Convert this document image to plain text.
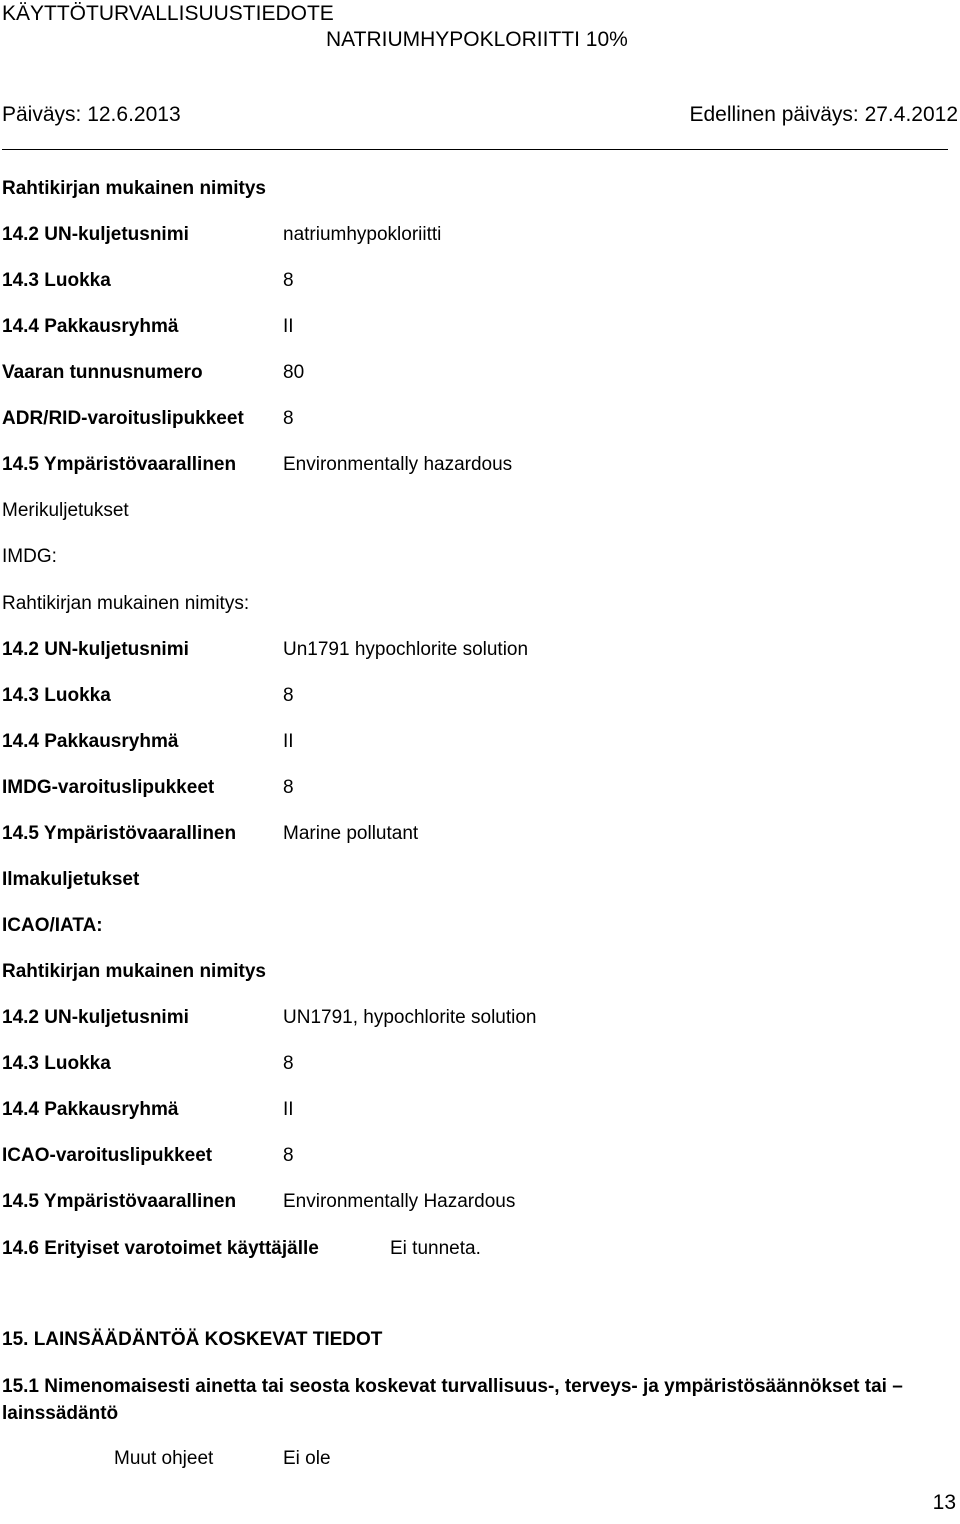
KÄYTTÖTURVALLISUUSTIEDOTE
NATRIUMHYPOKLORIITTI 10%
Päiväys: 12.6.2013	Edellinen päiväys: 27.4.2012
Rahtikirjan mukainen nimitys
14.2 UN-kuljetusnimi	natriumhypokloriitti
14.3 Luokka	8
14.4 Pakkausryhmä	II
Vaaran tunnusnumero	80
ADR/RID-varoituslipukkeet 8
14.5 Ympäristövaarallinen Environmentally hazardous
Merikuljetukset
IMDG:
Rahtikirjan mukainen nimitys:
14.2 UN-kuljetusnimi	Un1791 hypochlorite solution
14.3 Luokka	8
14.4 Pakkausryhmä	II
IMDG-varoituslipukkeet	8
14.5 Ympäristövaarallinen Marine pollutant
Ilmakuljetukset
ICAO/IATA:
Rahtikirjan mukainen nimitys
14.2 UN-kuljetusnimi	UN1791, hypochlorite solution
14.3 Luokka	8
14.4 Pakkausryhmä	II
ICAO-varoituslipukkeet	8
14.5 Ympäristövaarallinen Environmentally Hazardous
14.6 Erityiset varotoimet käyttäjälle	Ei tunneta.
15. LAINSÄÄDÄNTÖÄ KOSKEVAT TIEDOT
15.1 Nimenomaisesti ainetta tai seosta koskevat turvallisuus-, terveys- ja ympäristösäännökset tai –
lainssädäntö
Muut ohjeet	Ei ole
13
